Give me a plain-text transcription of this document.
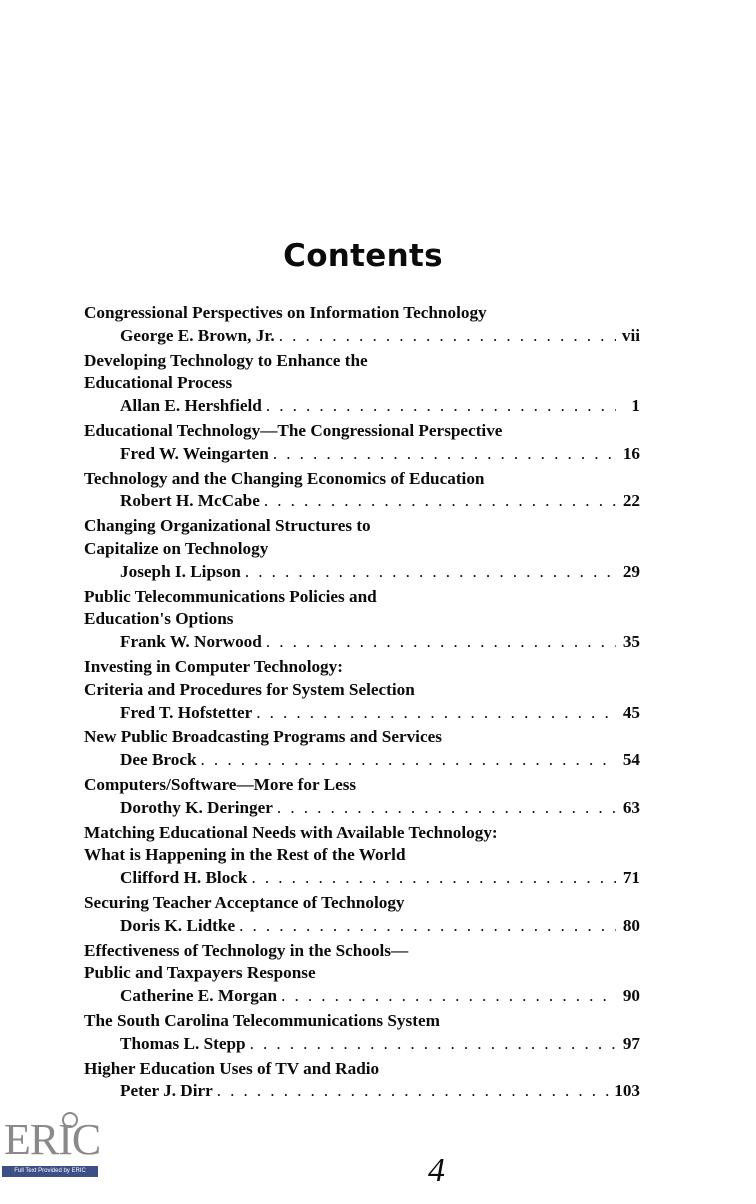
Contents
Congressional Perspectives on Information Technology
George E. Brown, Jr. . . .	vii
Developing Technology to Enhance the
Educational Process
Allan E. Hershfield . . .	1
Educational Technology—The Congressional Perspective
Fred W. Weingarten . . .	16
Technology and the Changing Economics of Education
Robert H. McCabe . . .	22
Changing Organizational Structures to
Capitalize on Technology
Joseph I. Lipson . . .	29
Public Telecommunications Policies and
Education's Options
Frank W. Norwood . . .	35
Investing in Computer Technology:
Criteria and Procedures for System Selection
Fred T. Hofstetter . . .	45
New Public Broadcasting Programs and Services
Dee Brock . . .	54
Computers/Software—More for Less
Dorothy K. Deringer . . .	63
Matching Educational Needs with Available Technology:
What is Happening in the Rest of the World
Clifford H. Block . . .	71
Securing Teacher Acceptance of Technology
Doris K. Lidtke . . .	80
Effectiveness of Technology in the Schools—
Public and Taxpayers Response
Catherine E. Morgan . . .	90
The South Carolina Telecommunications System
Thomas L. Stepp . . .	97
Higher Education Uses of TV and Radio
Peter J. Dirr . . .	103
ERIC
Full Text Provided by ERIC	4
